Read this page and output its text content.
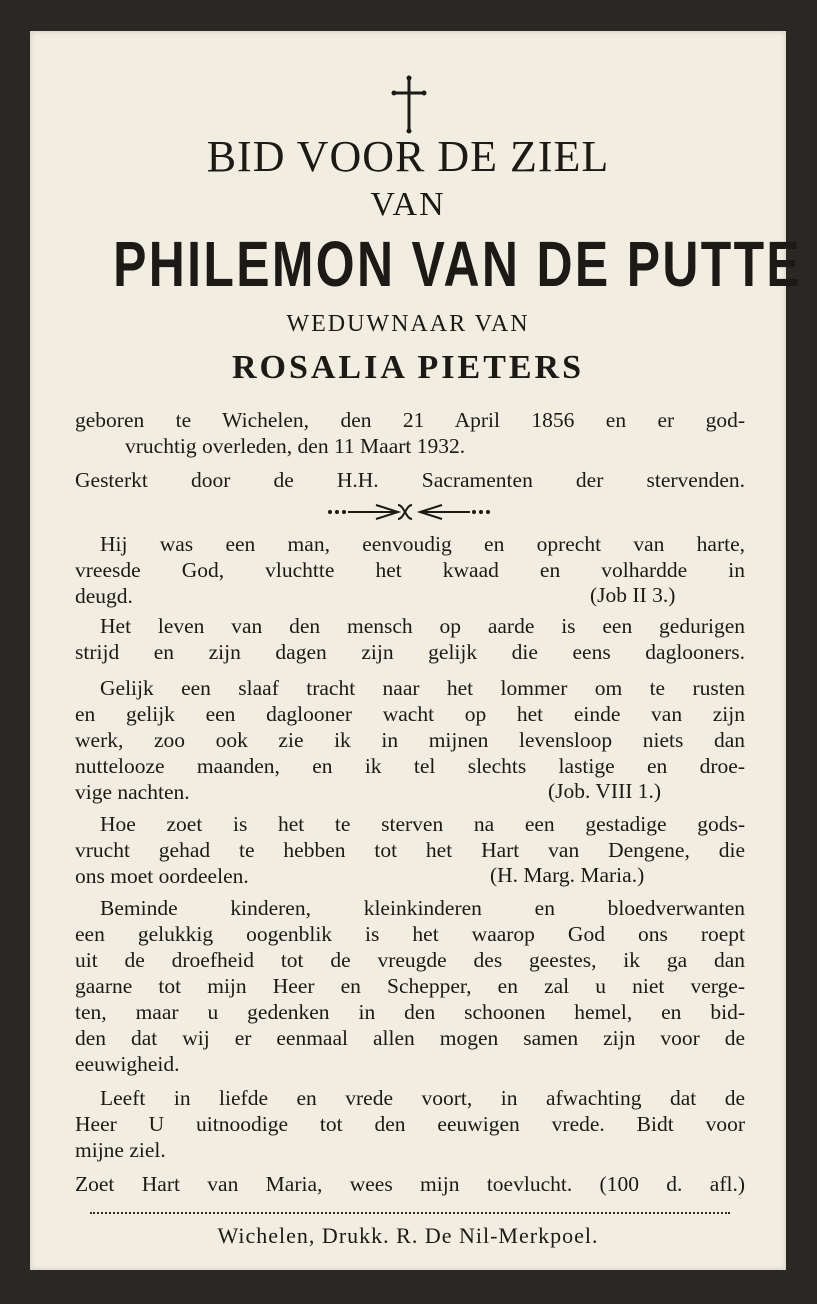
BID VOOR DE ZIEL
VAN
PHILEMON VAN DE PUTTE
WEDUWNAAR VAN
ROSALIA PIETERS
geboren te Wichelen, den 21 April 1856 en er god-
vruchtig overleden, den 11 Maart 1932.
Gesterkt door de H.H. Sacramenten der stervenden.
Hij was een man, eenvoudig en oprecht van harte,
vreesde God, vluchtte het kwaad en volhardde in
deugd.	(Job II 3.)
Het leven van den mensch op aarde is een gedurigen
strijd en zijn dagen zijn gelijk die eens daglooners.
Gelijk een slaaf tracht naar het lommer om te rusten
en gelijk een daglooner wacht op het einde van zijn
werk, zoo ook zie ik in mijnen levensloop niets dan
nuttelooze maanden, en ik tel slechts lastige en droe-
vige nachten.	(Job. VIII 1.)
Hoe zoet is het te sterven na een gestadige gods-
vrucht gehad te hebben tot het Hart van Dengene, die
ons moet oordeelen.	(H. Marg. Maria.)
Beminde kinderen, kleinkinderen en bloedverwanten
een gelukkig oogenblik is het waarop God ons roept
uit de droefheid tot de vreugde des geestes, ik ga dan
gaarne tot mijn Heer en Schepper, en zal u niet verge-
ten, maar u gedenken in den schoonen hemel, en bid-
den dat wij er eenmaal allen mogen samen zijn voor de
eeuwigheid.
Leeft in liefde en vrede voort, in afwachting dat de
Heer U uitnoodige tot den eeuwigen vrede. Bidt voor
mijne ziel.
Zoet Hart van Maria, wees mijn toevlucht. (100 d. afl.)
Wichelen, Drukk. R. De Nil-Merkpoel.
